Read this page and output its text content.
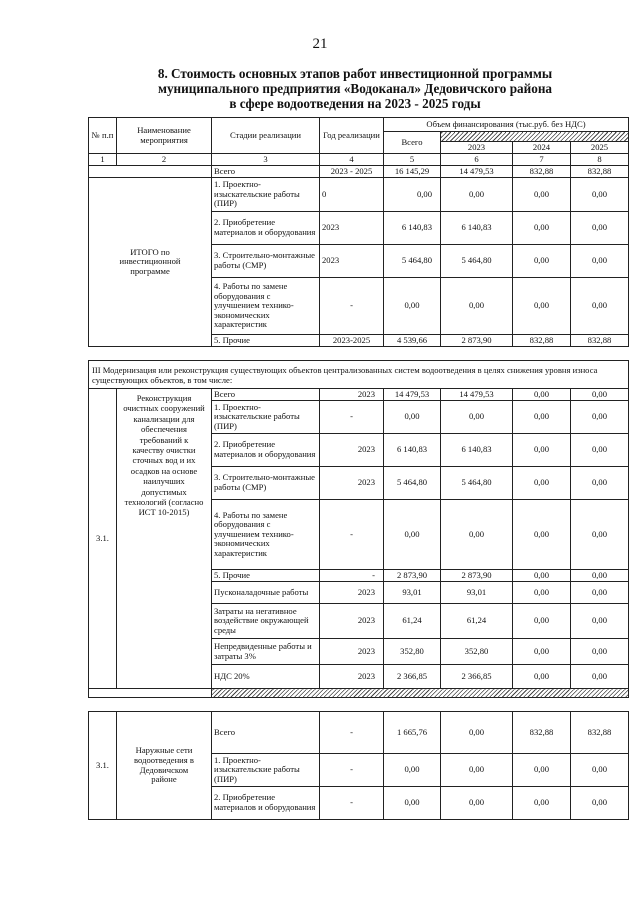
21
8. Стоимость основных этапов работ инвестиционной программы
муниципального предприятия «Водоканал» Дедовичского района
в сфере водоотведения на 2023 - 2025 годы
№ п.п	Наименование мероприятия	Стадии реализации	Год реализации	Объем финансирования (тыс.руб. без НДС)			
				Всего			
					2023	2024	2025
1	2	3	4	5	6	7	8
		Всего	2023 - 2025	16 145,29	14 479,53	832,88	832,88
ИТОГО по инвестиционной программе		1. Проектно-изыскательские работы (ПИР)	0	0,00	0,00	0,00	0,00
		2. Приобретение материалов и оборудования	2023	6 140,83	6 140,83	0,00	0,00
		3. Строительно-монтажные работы (СМР)	2023	5 464,80	5 464,80	0,00	0,00
		4. Работы по замене оборудования с улучшением технико-экономических характеристик	-	0,00	0,00	0,00	0,00
		5. Прочие	2023-2025	4 539,66	2 873,90	832,88	832,88
III Модернизация или реконструкция существующих объектов централизованных систем водоотведения в целях снижения уровня износа существующих объектов, в том числе:							
3.1.	Реконструкция очистных сооружений канализации для обеспечения требований к качеству очистки сточных вод и их осадков на основе наилучших допустимых технологий (согласно ИСТ 10-2015)	Всего	2023	14 479,53	14 479,53	0,00	0,00
		1. Проектно-изыскательские работы (ПИР)	-	0,00	0,00	0,00	0,00
		2. Приобретение материалов и оборудования	2023	6 140,83	6 140,83	0,00	0,00
		3. Строительно-монтажные работы (СМР)	2023	5 464,80	5 464,80	0,00	0,00
		4. Работы по замене оборудования с улучшением технико-экономических характеристик	-	0,00	0,00	0,00	0,00
		5. Прочие	-	2 873,90	2 873,90	0,00	0,00
		Пусконаладочные работы	2023	93,01	93,01	0,00	0,00
		Затраты на негативное воздействие окружающей среды	2023	61,24	61,24	0,00	0,00
		Непредвиденные работы и затраты 3%	2023	352,80	352,80	0,00	0,00
		НДС 20%	2023	2 366,85	2 366,85	0,00	0,00

3.1.	Наружные сети водоотведения в Дедовичском районе	Всего	-	1 665,76	0,00	832,88	832,88
		1. Проектно-изыскательские работы (ПИР)	-	0,00	0,00	0,00	0,00
		2. Приобретение материалов и оборудования	-	0,00	0,00	0,00	0,00
